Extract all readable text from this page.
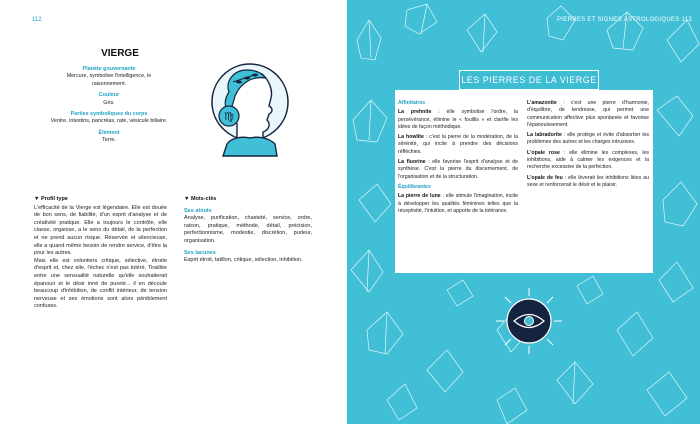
112
VIERGE
Planète gouvernante
Mercure, symbolise l'intelligence, le raisonnement.
Couleur
Gris.
Parties symboliques du corps
Ventre, intestins, pancréas, rate, vésicule biliaire.
Élément
Terre.
♍
▼ Profil type
L'efficacité de la Vierge est légendaire. Elle est douée de bon sens, de fiabilité, d'un esprit d'analyse et de créativité pratique. Elle a toujours le contrôle, elle classe, organise, a le sens du détail, de la perfection et ne prend aucun risque. Réservée et silencieuse, elle a quand même besoin de rendre service, d'être la pour les autres.
Mais elle est volontiers critique, sélective, étroite d'esprit et, chez elle, l'échec n'est pas toléré. Tiraillée entre une sensualité naturelle qu'elle souhaiterait épanouir et le désir inné de pureté... il en découle beaucoup d'inhibition, de conflit intérieur, de tension nerveuse et ses émotions sont alors péniblement confuses.
▼ Mots-clés
Ses atouts
Analyse, purification, chasteté, service, ordre, raison, pratique, méthode, détail, précision, perfectionnisme, modestie, discrétion, pudeur, organisation.
Ses lacunes
Esprit étroit, tatillon, critique, sélection, inhibition.
PIERRES ET SIGNES ASTROLOGIQUES 113
LES PIERRES DE LA VIERGE
Affinitaires

La prehnite : elle symbolise l'ordre, la persévérance, élimine le « fouillis » et clarifie les idées de façon méthodique.

La howlite : c'est la pierre de la modération, de la sérénité, qui incite à prendre des décisions réfléchies.

La fluorine : elle favorise l'esprit d'analyse et de synthèse. C'est la pierre du discernement, de l'organisation et de la structuration.

Équilibrantes

La pierre de lune : elle stimule l'imagination, incite à développer les qualités féminines telles que la réceptivité, l'intuition, et apporte de la tolérance.

L'amazonite : c'est une pierre d'harmonie, d'équilibre, de tendresse, qui permet une communication affective plus spontanée et favorise l'épanouissement.

La labradorite : elle protège et évite d'absorber les problèmes des autres et les charges intrusives.

L'opale rose : elle élimine les complexes, les inhibitions, aide à calmer les exigences et la recherche excessive de la perfection.

L'opale de feu : elle lèverait les inhibitions liées au sexe et renforcerait le désir et le plaisir.
